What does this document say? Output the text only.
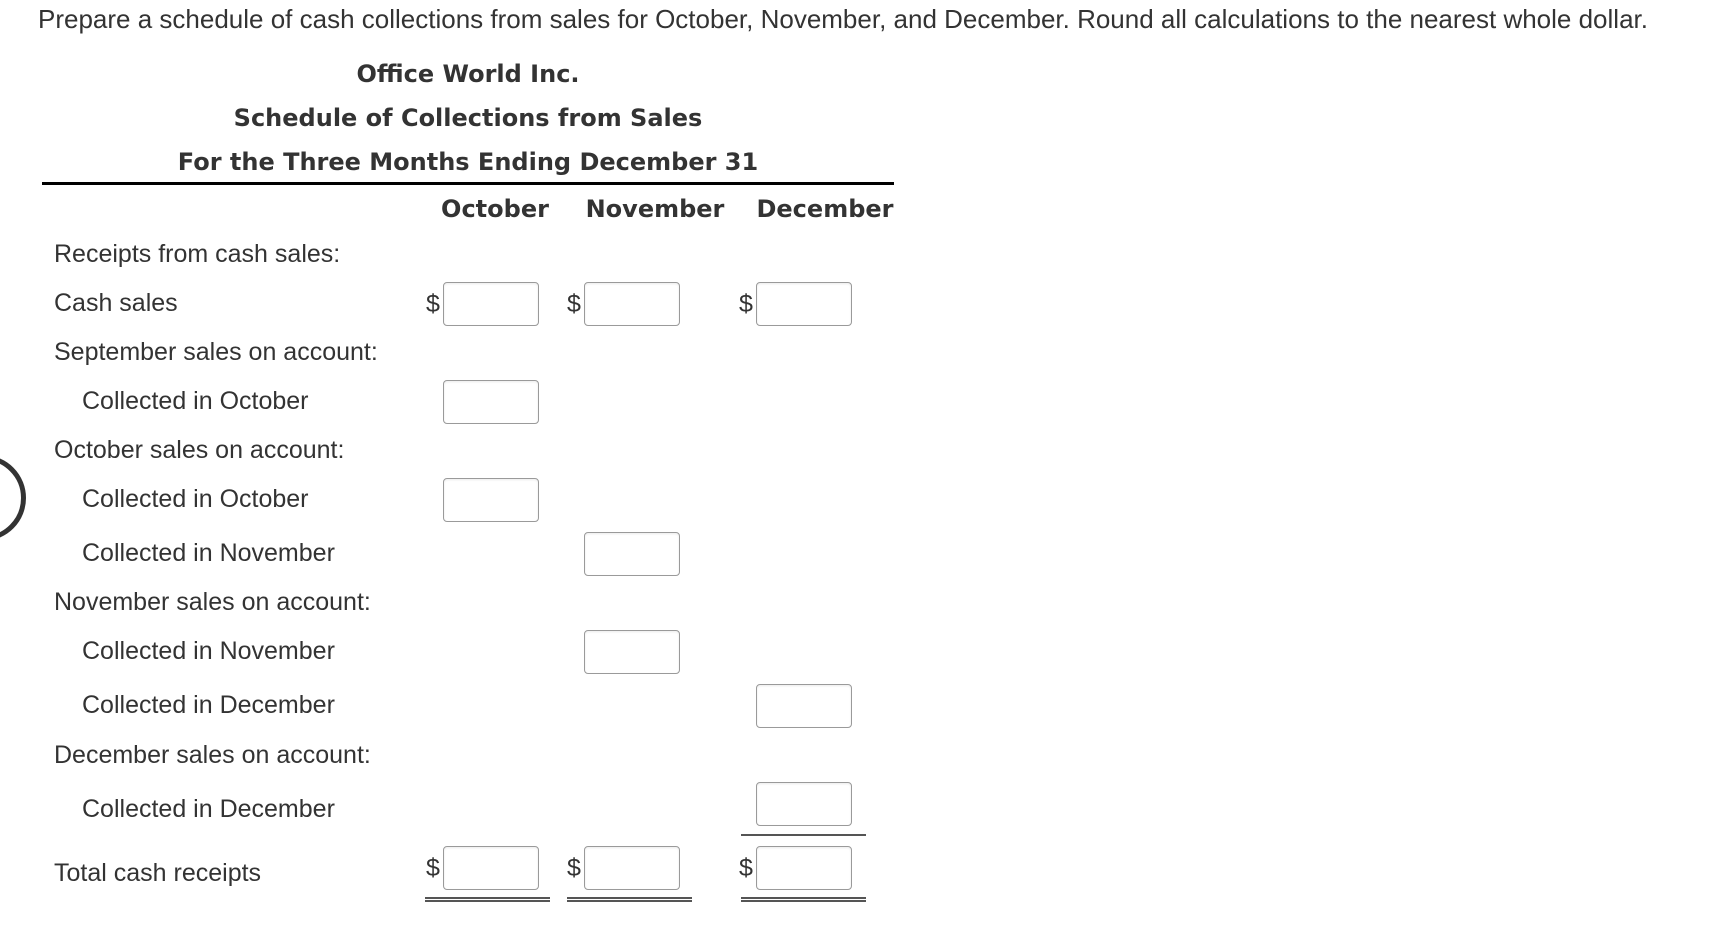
Prepare a schedule of cash collections from sales for October, November, and December. Round all calculations to the nearest whole dollar.

Office World Inc.
Schedule of Collections from Sales
For the Three Months Ending December 31
October	November December
Receipts from cash sales:
Cash sales	$	$	$
September sales on account:
Collected in October
October sales on account:
Collected in October
Collected in November
November sales on account:
Collected in November
Collected in December
December sales on account:
Collected in December
Total cash receipts	$	$	$
